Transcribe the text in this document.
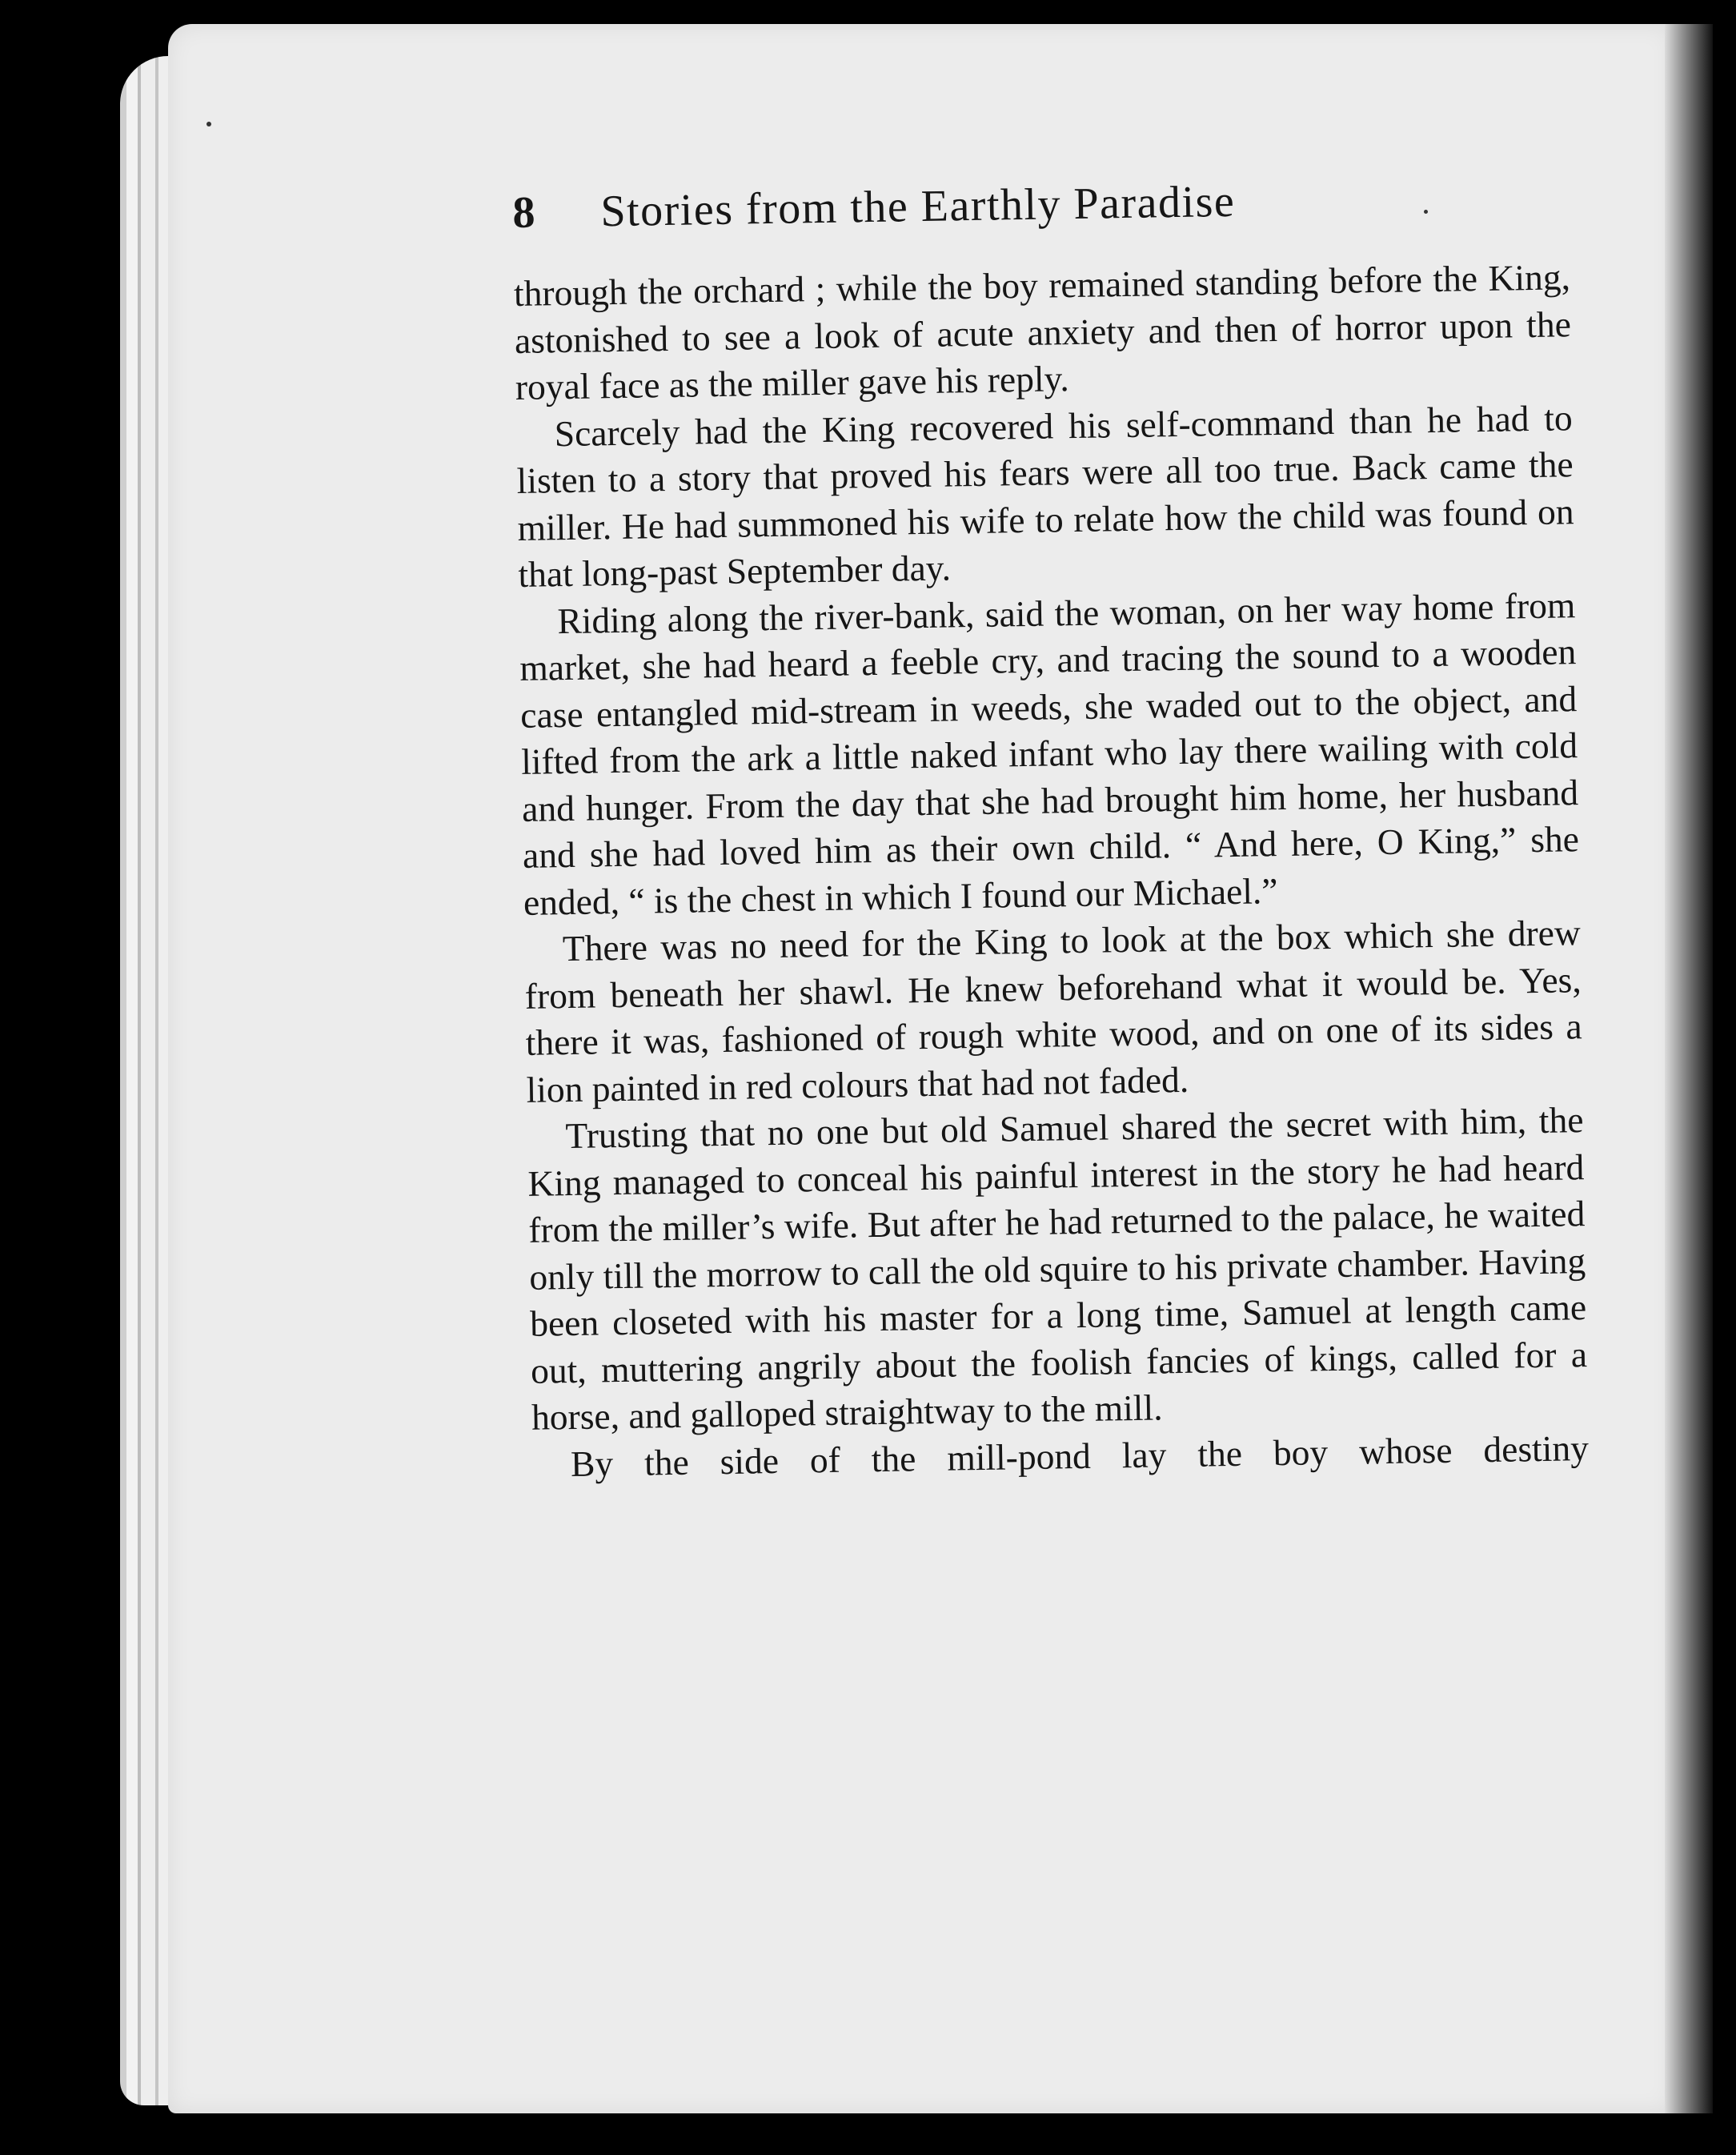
8	Stories from the Earthly Paradise

through the orchard ; while the boy remained standing before the King, astonished to see a look of acute anxiety and then of horror upon the royal face as the miller gave his reply.

Scarcely had the King recovered his self-command than he had to listen to a story that proved his fears were all too true. Back came the miller. He had summoned his wife to relate how the child was found on that long-past September day.

Riding along the river-bank, said the woman, on her way home from market, she had heard a feeble cry, and tracing the sound to a wooden case entangled mid-stream in weeds, she waded out to the object, and lifted from the ark a little naked infant who lay there wailing with cold and hunger. From the day that she had brought him home, her husband and she had loved him as their own child. “ And here, O King,” she ended, “ is the chest in which I found our Michael.”

There was no need for the King to look at the box which she drew from beneath her shawl. He knew beforehand what it would be. Yes, there it was, fashioned of rough white wood, and on one of its sides a lion painted in red colours that had not faded.

Trusting that no one but old Samuel shared the secret with him, the King managed to conceal his painful interest in the story he had heard from the miller’s wife. But after he had returned to the palace, he waited only till the morrow to call the old squire to his private chamber. Having been closeted with his master for a long time, Samuel at length came out, muttering angrily about the foolish fancies of kings, called for a horse, and galloped straightway to the mill.

By the side of the mill-pond lay the boy whose destiny
